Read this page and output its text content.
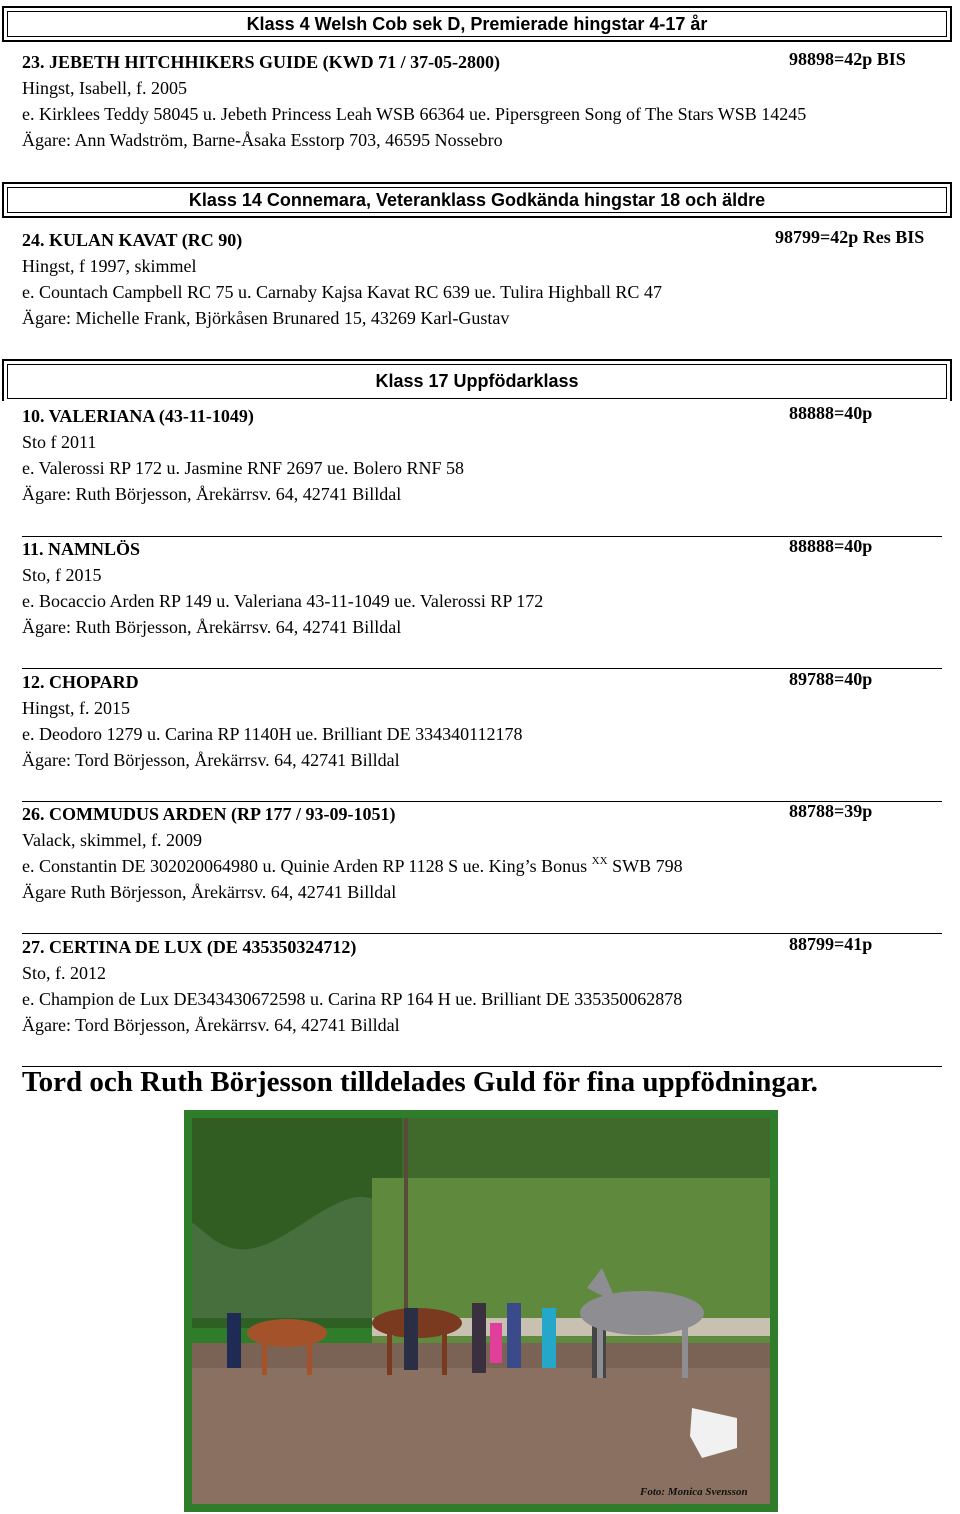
Klass 4 Welsh Cob sek D, Premierade hingstar 4-17 år
23. JEBETH HITCHHIKERS GUIDE (KWD 71 / 37-05-2800)	98898=42p BIS
Hingst, Isabell, f. 2005
e. Kirklees Teddy 58045 u. Jebeth Princess Leah WSB 66364 ue. Pipersgreen Song of The Stars WSB 14245
Ägare: Ann Wadström, Barne-Åsaka Esstorp 703, 46595 Nossebro
Klass 14 Connemara, Veteranklass Godkända hingstar 18 och äldre
24. KULAN KAVAT (RC 90)	98799=42p Res BIS
Hingst, f 1997, skimmel
e. Countach Campbell RC 75 u. Carnaby Kajsa Kavat RC 639 ue. Tulira Highball RC 47
Ägare: Michelle Frank, Björkåsen Brunared 15, 43269 Karl-Gustav
Klass 17 Uppfödarklass
10. VALERIANA (43-11-1049)	88888=40p
Sto f 2011
e. Valerossi RP 172 u. Jasmine RNF 2697 ue. Bolero RNF 58
Ägare: Ruth Börjesson, Årekärrsv. 64, 42741 Billdal
11. NAMNLÖS	88888=40p
Sto, f 2015
e. Bocaccio Arden RP 149 u. Valeriana 43-11-1049 ue. Valerossi RP 172
Ägare: Ruth Börjesson, Årekärrsv. 64, 42741 Billdal
12. CHOPARD	89788=40p
Hingst, f. 2015
e. Deodoro 1279 u. Carina RP 1140H ue. Brilliant DE 334340112178
Ägare: Tord Börjesson, Årekärrsv. 64, 42741 Billdal
26. COMMUDUS ARDEN (RP 177 / 93-09-1051)	88788=39p
Valack, skimmel, f. 2009
e. Constantin DE 302020064980 u. Quinie Arden RP 1128 S ue. King’s Bonus $^{XX}$ SWB 798
Ägare Ruth Börjesson, Årekärrsv. 64, 42741 Billdal
27. CERTINA DE LUX (DE 435350324712)	88799=41p
Sto, f. 2012
e. Champion de Lux DE343430672598 u. Carina RP 164 H ue. Brilliant DE 335350062878
Ägare: Tord Börjesson, Årekärrsv. 64, 42741 Billdal
Tord och Ruth Börjesson tilldelades Guld för fina uppfödningar.
Foto: Monica Svensson
